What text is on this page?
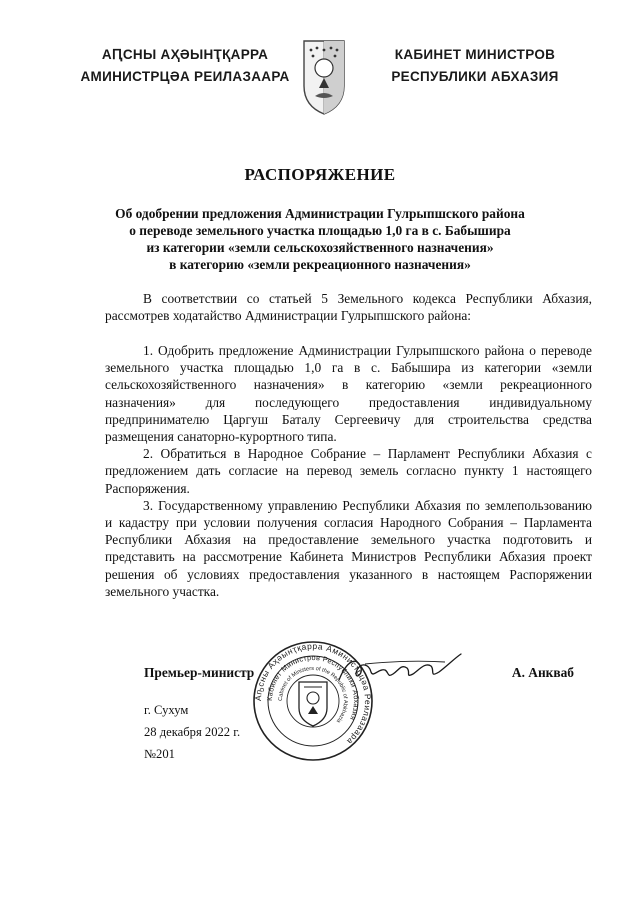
АԤСНЫ АҲӘЫНҬҚАРРА
АМИНИСТРЦӘА РЕИЛАЗААРА
КАБИНЕТ МИНИСТРОВ
РЕСПУБЛИКИ АБХАЗИЯ
РАСПОРЯЖЕНИЕ
Об одобрении предложения Администрации Гулрыпшского района
о переводе земельного участка площадью 1,0 га в с. Бабышира
из категории «земли сельскохозяйственного назначения»
в категорию «земли рекреационного назначения»

В соответствии со статьей 5 Земельного кодекса Республики Абхазия, рассмотрев ходатайство Администрации Гулрыпшского района:

1. Одобрить предложение Администрации Гулрыпшского района о переводе земельного участка площадью 1,0 га в с. Бабышира из категории «земли сельскохозяйственного назначения» в категорию «земли рекреационного назначения» для последующего предоставления индивидуальному предпринимателю Царгуш Баталу Сергеевичу для строительства средства размещения санаторно-курортного типа.

2. Обратиться в Народное Собрание – Парламент Республики Абхазия с предложением дать согласие на перевод земель согласно пункту 1 настоящего Распоряжения.

3. Государственному управлению Республики Абхазия по землепользованию и кадастру при условии получения согласия Народного Собрания – Парламента Республики Абхазия на предоставление земельного участка подготовить и представить на рассмотрение Кабинета Министров Республики Абхазия проект решения об условиях предоставления указанного в настоящем Распоряжении земельного участка.

Аҧсны Аҳәынҭқарра Аминистрцәа Реилазаара
Кабинет Министров Республики Абхазия
Cabinet of Ministers of the Republic of Abkhazia
Премьер-министр	А. Анкваб
г. Сухум
28 декабря 2022 г.
№201
